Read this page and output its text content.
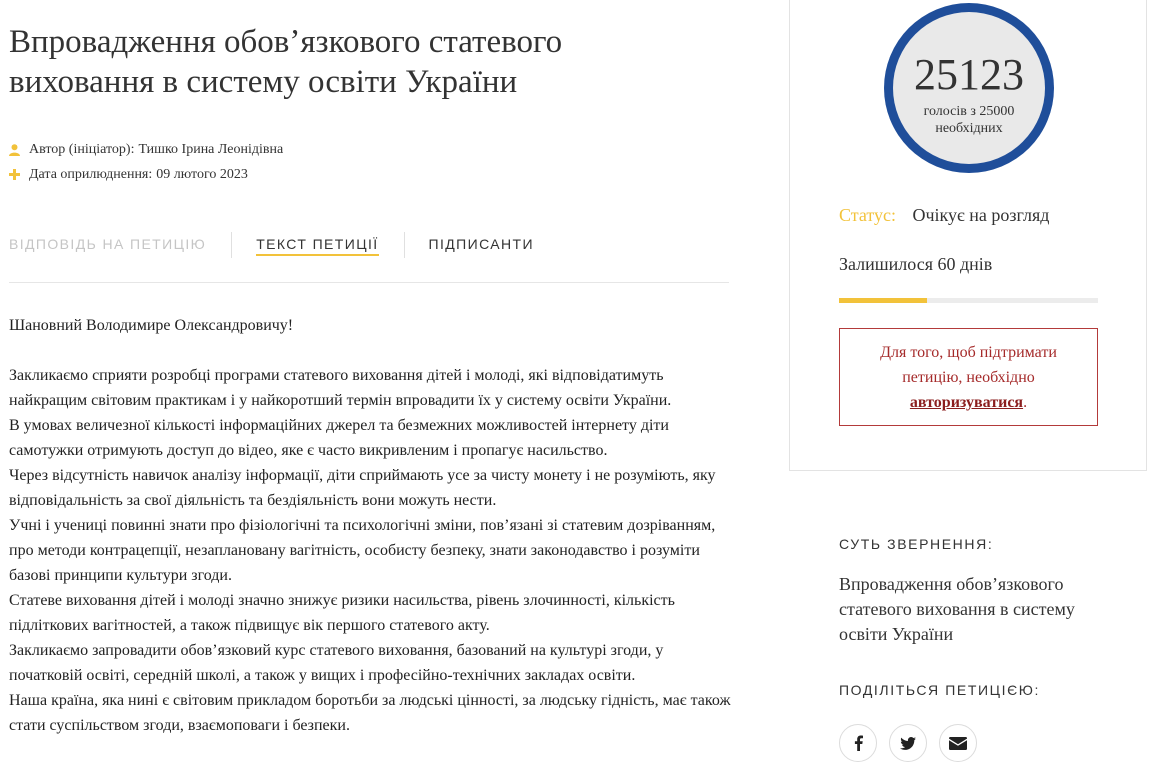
Впровадження обовʼязкового статевого виховання в систему освіти України
Автор (ініціатор): Тишко Ірина Леонідівна
Дата оприлюднення: 09 лютого 2023
ВІДПОВІДЬ НА ПЕТИЦІЮ	ТЕКСТ ПЕТИЦІЇ	ПІДПИСАНТИ

Шановний Володимире Олександровичу!

Закликаємо сприяти розробці програми статевого виховання дітей і молоді, які відповідатимуть найкращим світовим практикам і у найкоротший термін впровадити їх у систему освіти України.

В умовах величезної кількості інформаційних джерел та безмежних можливостей інтернету діти самотужки отримують доступ до відео, яке є часто викривленим і пропагує насильство.

Через відсутність навичок аналізу інформації, діти сприймають усе за чисту монету і не розуміють, яку відповідальність за свої діяльність та бездіяльність вони можуть нести.

Учні і учениці повинні знати про фізіологічні та психологічні зміни, повʼязані зі статевим дозріванням, про методи контрацепції, незаплановану вагітність, особисту безпеку, знати законодавство і розуміти базові принципи культури згоди.

Статеве виховання дітей і молоді значно знижує ризики насильства, рівень злочинності, кількість підліткових вагітностей, а також підвищує вік першого статевого акту.

Закликаємо запровадити обовʼязковий курс статевого виховання, базований на культурі згоди, у початковій освіті, середній школі, а також у вищих і професійно-технічних закладах освіти.

Наша країна, яка нині є світовим прикладом боротьби за людські цінності, за людську гідність, має також стати суспільством згоди, взаємоповаги і безпеки.

25123
голосів з 25000 необхідних
Статус: Очікує на розгляд
Залишилося 60 днів
Для того, щоб підтримати петицію, необхідно авторизуватися.
СУТЬ ЗВЕРНЕННЯ:
Впровадження обовʼязкового статевого виховання в систему освіти України
ПОДІЛІТЬСЯ ПЕТИЦІЄЮ:
